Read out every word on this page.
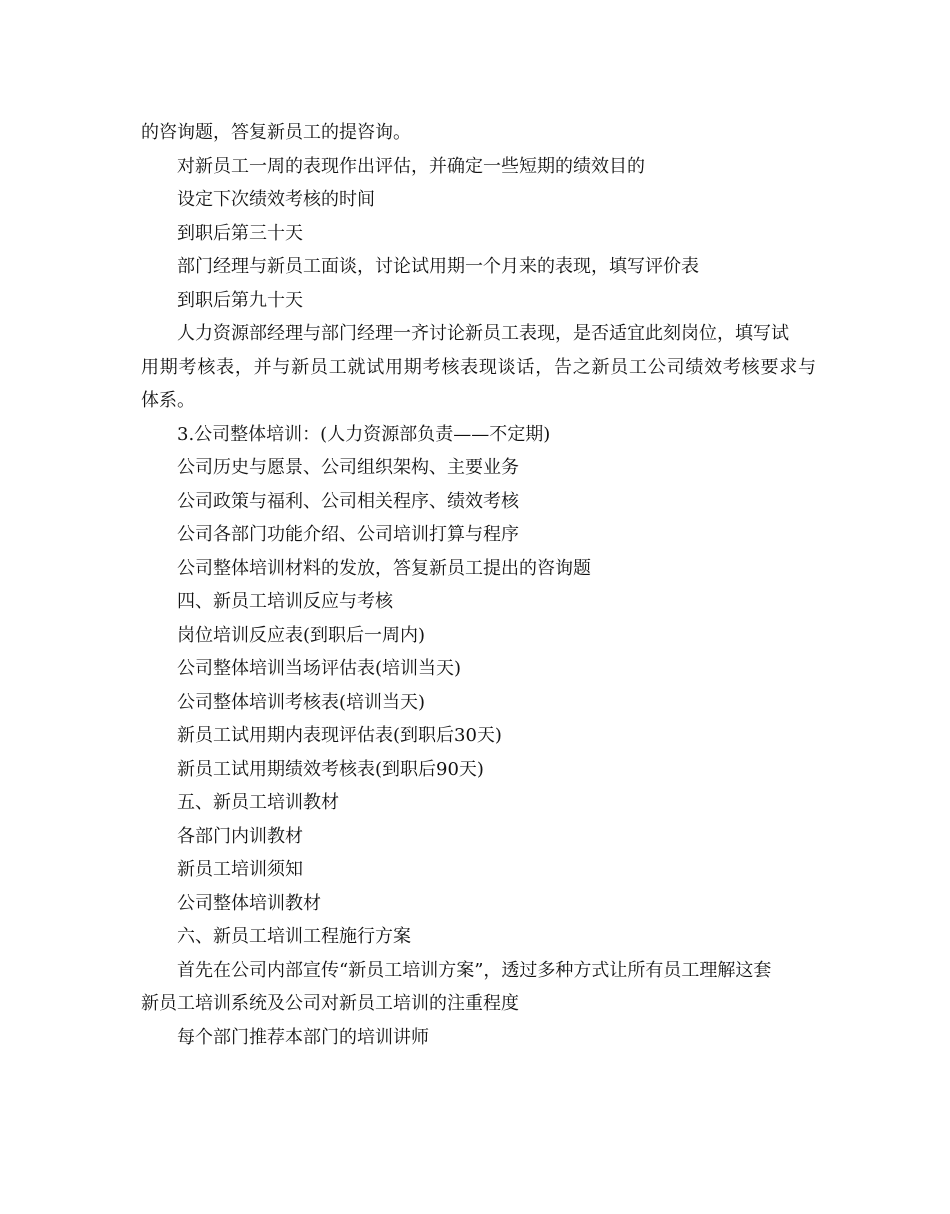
的咨询题，答复新员工的提咨询。
对新员工一周的表现作出评估，并确定一些短期的绩效目的
设定下次绩效考核的时间
到职后第三十天
部门经理与新员工面谈，讨论试用期一个月来的表现，填写评价表
到职后第九十天
人力资源部经理与部门经理一齐讨论新员工表现，是否适宜此刻岗位，填写试
用期考核表，并与新员工就试用期考核表现谈话，告之新员工公司绩效考核要求与
体系。
3.公司整体培训：(人力资源部负责——不定期)
公司历史与愿景、公司组织架构、主要业务
公司政策与福利、公司相关程序、绩效考核
公司各部门功能介绍、公司培训打算与程序
公司整体培训材料的发放，答复新员工提出的咨询题
四、新员工培训反应与考核
岗位培训反应表(到职后一周内)
公司整体培训当场评估表(培训当天)
公司整体培训考核表(培训当天)
新员工试用期内表现评估表(到职后30天)
新员工试用期绩效考核表(到职后90天)
五、新员工培训教材
各部门内训教材
新员工培训须知
公司整体培训教材
六、新员工培训工程施行方案
首先在公司内部宣传“新员工培训方案”，透过多种方式让所有员工理解这套
新员工培训系统及公司对新员工培训的注重程度
每个部门推荐本部门的培训讲师
